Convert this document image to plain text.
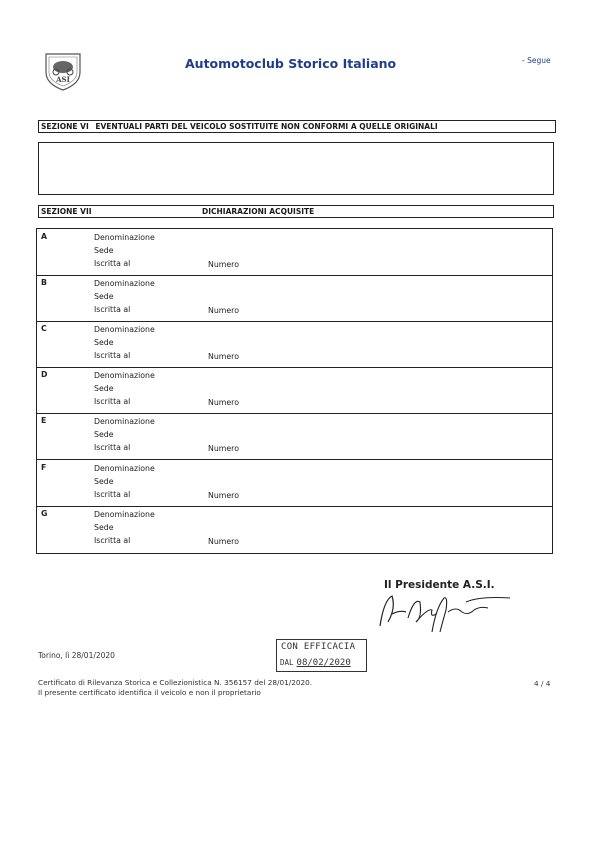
ASI
Automotoclub Storico Italiano	- Segue
SEZIONE VI EVENTUALI PARTI DEL VEICOLO SOSTITUITE NON CONFORMI A QUELLE ORIGINALI
SEZIONE VII	DICHIARAZIONI ACQUISITE
A	Denominazione
Sede
Iscritta al	Numero
B	Denominazione
Sede
Iscritta al	Numero
C	Denominazione
Sede
Iscritta al	Numero
D	Denominazione
Sede
Iscritta al	Numero
E	Denominazione
Sede
Iscritta al	Numero
F	Denominazione
Sede
Iscritta al	Numero
G	Denominazione
Sede
Iscritta al	Numero
Il Presidente A.S.I.
CON EFFICACIA
DAL 08/02/2020
Torino, lì 28/01/2020
Certificato di Rilevanza Storica e Collezionistica N. 356157 del 28/01/2020.
Il presente certificato identifica il veicolo e non il proprietario
4 / 4
